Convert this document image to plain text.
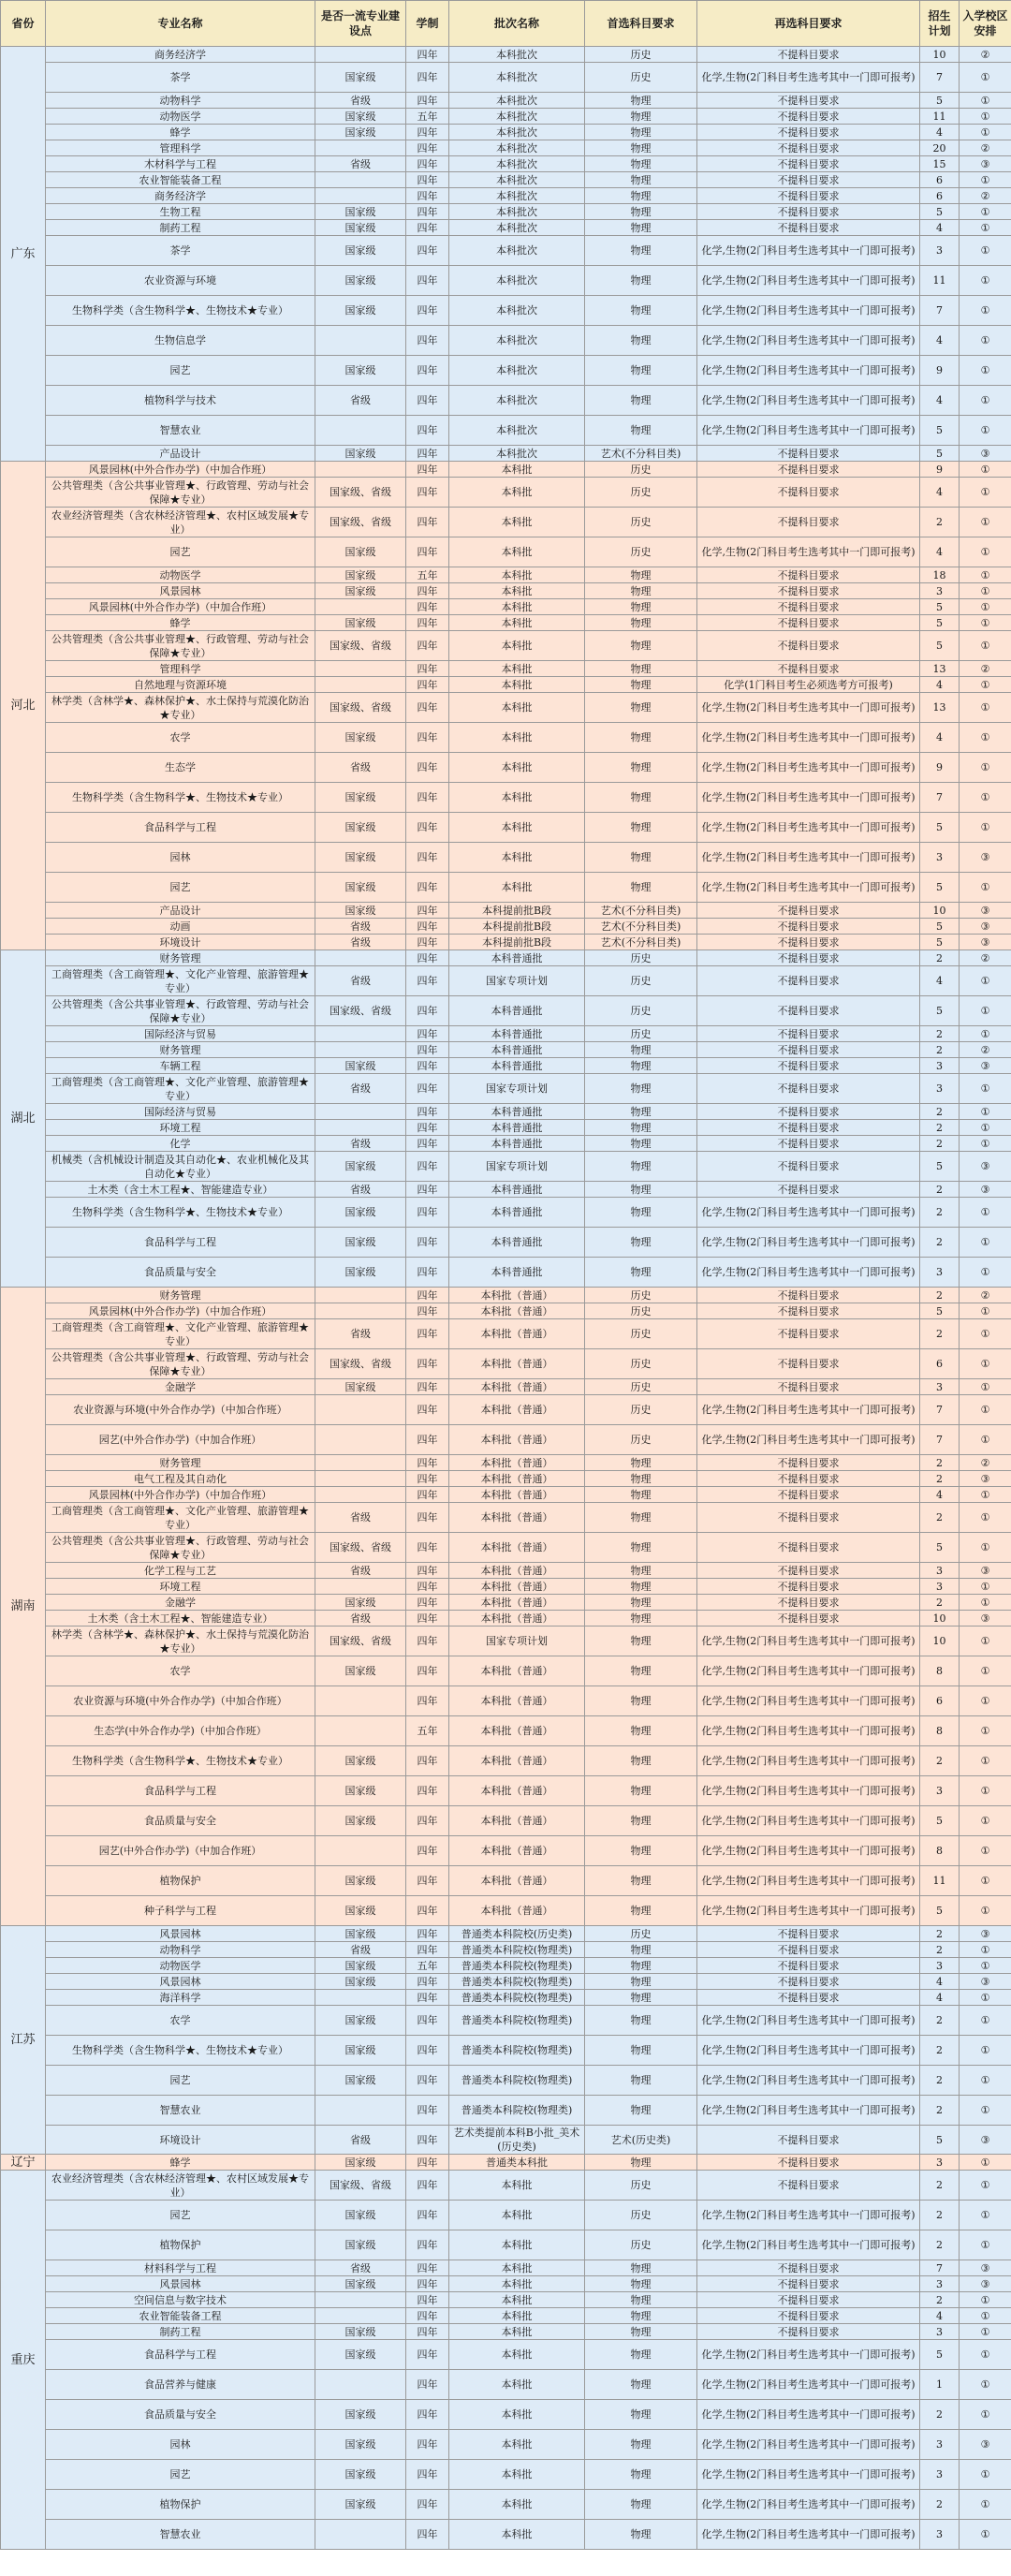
省份	专业名称	是否一流专业建设点	学制	批次名称	首选科目要求	再选科目要求	招生计划	入学校区安排
广东	商务经济学		四年	本科批次	历史	不提科目要求	10	②
	茶学	国家级	四年	本科批次	历史	化学,生物(2门科目考生选考其中一门即可报考)	7	①
	动物科学	省级	四年	本科批次	物理	不提科目要求	5	①
	动物医学	国家级	五年	本科批次	物理	不提科目要求	11	①
	蜂学	国家级	四年	本科批次	物理	不提科目要求	4	①
	管理科学		四年	本科批次	物理	不提科目要求	20	②
	木材科学与工程	省级	四年	本科批次	物理	不提科目要求	15	③
	农业智能装备工程		四年	本科批次	物理	不提科目要求	6	①
	商务经济学		四年	本科批次	物理	不提科目要求	6	②
	生物工程	国家级	四年	本科批次	物理	不提科目要求	5	①
	制药工程	国家级	四年	本科批次	物理	不提科目要求	4	①
	茶学	国家级	四年	本科批次	物理	化学,生物(2门科目考生选考其中一门即可报考)	3	①
	农业资源与环境	国家级	四年	本科批次	物理	化学,生物(2门科目考生选考其中一门即可报考)	11	①
	生物科学类（含生物科学★、生物技术★专业）	国家级	四年	本科批次	物理	化学,生物(2门科目考生选考其中一门即可报考)	7	①
	生物信息学		四年	本科批次	物理	化学,生物(2门科目考生选考其中一门即可报考)	4	①
	园艺	国家级	四年	本科批次	物理	化学,生物(2门科目考生选考其中一门即可报考)	9	①
	植物科学与技术	省级	四年	本科批次	物理	化学,生物(2门科目考生选考其中一门即可报考)	4	①
	智慧农业		四年	本科批次	物理	化学,生物(2门科目考生选考其中一门即可报考)	5	①
	产品设计	国家级	四年	本科批次	艺术(不分科目类)	不提科目要求	5	③
河北	风景园林(中外合作办学)（中加合作班）		四年	本科批	历史	不提科目要求	9	①
	公共管理类（含公共事业管理★、行政管理、劳动与社会保障★专业）	国家级、省级	四年	本科批	历史	不提科目要求	4	①
	农业经济管理类（含农林经济管理★、农村区域发展★专业）	国家级、省级	四年	本科批	历史	不提科目要求	2	①
	园艺	国家级	四年	本科批	历史	化学,生物(2门科目考生选考其中一门即可报考)	4	①
	动物医学	国家级	五年	本科批	物理	不提科目要求	18	①
	风景园林	国家级	四年	本科批	物理	不提科目要求	3	①
	风景园林(中外合作办学)（中加合作班）		四年	本科批	物理	不提科目要求	5	①
	蜂学	国家级	四年	本科批	物理	不提科目要求	5	①
	公共管理类（含公共事业管理★、行政管理、劳动与社会保障★专业）	国家级、省级	四年	本科批	物理	不提科目要求	5	①
	管理科学		四年	本科批	物理	不提科目要求	13	②
	自然地理与资源环境		四年	本科批	物理	化学(1门科目考生必须选考方可报考)	4	①
	林学类（含林学★、森林保护★、水土保持与荒漠化防治★专业）	国家级、省级	四年	本科批	物理	化学,生物(2门科目考生选考其中一门即可报考)	13	①
	农学	国家级	四年	本科批	物理	化学,生物(2门科目考生选考其中一门即可报考)	4	①
	生态学	省级	四年	本科批	物理	化学,生物(2门科目考生选考其中一门即可报考)	9	①
	生物科学类（含生物科学★、生物技术★专业）	国家级	四年	本科批	物理	化学,生物(2门科目考生选考其中一门即可报考)	7	①
	食品科学与工程	国家级	四年	本科批	物理	化学,生物(2门科目考生选考其中一门即可报考)	5	①
	园林	国家级	四年	本科批	物理	化学,生物(2门科目考生选考其中一门即可报考)	3	③
	园艺	国家级	四年	本科批	物理	化学,生物(2门科目考生选考其中一门即可报考)	5	①
	产品设计	国家级	四年	本科提前批B段	艺术(不分科目类)	不提科目要求	10	③
	动画	省级	四年	本科提前批B段	艺术(不分科目类)	不提科目要求	5	③
	环境设计	省级	四年	本科提前批B段	艺术(不分科目类)	不提科目要求	5	③
湖北	财务管理		四年	本科普通批	历史	不提科目要求	2	②
	工商管理类（含工商管理★、文化产业管理、旅游管理★专业）	省级	四年	国家专项计划	历史	不提科目要求	4	①
	公共管理类（含公共事业管理★、行政管理、劳动与社会保障★专业）	国家级、省级	四年	本科普通批	历史	不提科目要求	5	①
	国际经济与贸易		四年	本科普通批	历史	不提科目要求	2	①
	财务管理		四年	本科普通批	物理	不提科目要求	2	②
	车辆工程	国家级	四年	本科普通批	物理	不提科目要求	3	③
	工商管理类（含工商管理★、文化产业管理、旅游管理★专业）	省级	四年	国家专项计划	物理	不提科目要求	3	①
	国际经济与贸易		四年	本科普通批	物理	不提科目要求	2	①
	环境工程		四年	本科普通批	物理	不提科目要求	2	①
	化学	省级	四年	本科普通批	物理	不提科目要求	2	①
	机械类（含机械设计制造及其自动化★、农业机械化及其自动化★专业）	国家级	四年	国家专项计划	物理	不提科目要求	5	③
	土木类（含土木工程★、智能建造专业）	省级	四年	本科普通批	物理	不提科目要求	2	③
	生物科学类（含生物科学★、生物技术★专业）	国家级	四年	本科普通批	物理	化学,生物(2门科目考生选考其中一门即可报考)	2	①
	食品科学与工程	国家级	四年	本科普通批	物理	化学,生物(2门科目考生选考其中一门即可报考)	2	①
	食品质量与安全	国家级	四年	本科普通批	物理	化学,生物(2门科目考生选考其中一门即可报考)	3	①
湖南	财务管理		四年	本科批（普通）	历史	不提科目要求	2	②
	风景园林(中外合作办学)（中加合作班）		四年	本科批（普通）	历史	不提科目要求	5	①
	工商管理类（含工商管理★、文化产业管理、旅游管理★专业）	省级	四年	本科批（普通）	历史	不提科目要求	2	①
	公共管理类（含公共事业管理★、行政管理、劳动与社会保障★专业）	国家级、省级	四年	本科批（普通）	历史	不提科目要求	6	①
	金融学	国家级	四年	本科批（普通）	历史	不提科目要求	3	①
	农业资源与环境(中外合作办学)（中加合作班）		四年	本科批（普通）	历史	化学,生物(2门科目考生选考其中一门即可报考)	7	①
	园艺(中外合作办学)（中加合作班）		四年	本科批（普通）	历史	化学,生物(2门科目考生选考其中一门即可报考)	7	①
	财务管理		四年	本科批（普通）	物理	不提科目要求	2	②
	电气工程及其自动化		四年	本科批（普通）	物理	不提科目要求	2	③
	风景园林(中外合作办学)（中加合作班）		四年	本科批（普通）	物理	不提科目要求	4	①
	工商管理类（含工商管理★、文化产业管理、旅游管理★专业）	省级	四年	本科批（普通）	物理	不提科目要求	2	①
	公共管理类（含公共事业管理★、行政管理、劳动与社会保障★专业）	国家级、省级	四年	本科批（普通）	物理	不提科目要求	5	①
	化学工程与工艺	省级	四年	本科批（普通）	物理	不提科目要求	3	③
	环境工程		四年	本科批（普通）	物理	不提科目要求	3	①
	金融学	国家级	四年	本科批（普通）	物理	不提科目要求	2	①
	土木类（含土木工程★、智能建造专业）	省级	四年	本科批（普通）	物理	不提科目要求	10	③
	林学类（含林学★、森林保护★、水土保持与荒漠化防治★专业）	国家级、省级	四年	国家专项计划	物理	化学,生物(2门科目考生选考其中一门即可报考)	10	①
	农学	国家级	四年	本科批（普通）	物理	化学,生物(2门科目考生选考其中一门即可报考)	8	①
	农业资源与环境(中外合作办学)（中加合作班）		四年	本科批（普通）	物理	化学,生物(2门科目考生选考其中一门即可报考)	6	①
	生态学(中外合作办学)（中加合作班）		五年	本科批（普通）	物理	化学,生物(2门科目考生选考其中一门即可报考)	8	①
	生物科学类（含生物科学★、生物技术★专业）	国家级	四年	本科批（普通）	物理	化学,生物(2门科目考生选考其中一门即可报考)	2	①
	食品科学与工程	国家级	四年	本科批（普通）	物理	化学,生物(2门科目考生选考其中一门即可报考)	3	①
	食品质量与安全	国家级	四年	本科批（普通）	物理	化学,生物(2门科目考生选考其中一门即可报考)	5	①
	园艺(中外合作办学)（中加合作班）		四年	本科批（普通）	物理	化学,生物(2门科目考生选考其中一门即可报考)	8	①
	植物保护	国家级	四年	本科批（普通）	物理	化学,生物(2门科目考生选考其中一门即可报考)	11	①
	种子科学与工程	国家级	四年	本科批（普通）	物理	化学,生物(2门科目考生选考其中一门即可报考)	5	①
江苏	风景园林	国家级	四年	普通类本科院校(历史类)	历史	不提科目要求	2	③
	动物科学	省级	四年	普通类本科院校(物理类)	物理	不提科目要求	2	①
	动物医学	国家级	五年	普通类本科院校(物理类)	物理	不提科目要求	3	①
	风景园林	国家级	四年	普通类本科院校(物理类)	物理	不提科目要求	4	③
	海洋科学		四年	普通类本科院校(物理类)	物理	不提科目要求	4	①
	农学	国家级	四年	普通类本科院校(物理类)	物理	化学,生物(2门科目考生选考其中一门即可报考)	2	①
	生物科学类（含生物科学★、生物技术★专业）	国家级	四年	普通类本科院校(物理类)	物理	化学,生物(2门科目考生选考其中一门即可报考)	2	①
	园艺	国家级	四年	普通类本科院校(物理类)	物理	化学,生物(2门科目考生选考其中一门即可报考)	2	①
	智慧农业		四年	普通类本科院校(物理类)	物理	化学,生物(2门科目考生选考其中一门即可报考)	2	①
	环境设计	省级	四年	艺术类提前本科B小批_美术(历史类)	艺术(历史类)	不提科目要求	5	③
辽宁	蜂学	国家级	四年	普通类本科批	物理	不提科目要求	3	①
重庆	农业经济管理类（含农林经济管理★、农村区域发展★专业）	国家级、省级	四年	本科批	历史	不提科目要求	2	①
	园艺	国家级	四年	本科批	历史	化学,生物(2门科目考生选考其中一门即可报考)	2	①
	植物保护	国家级	四年	本科批	历史	化学,生物(2门科目考生选考其中一门即可报考)	2	①
	材料科学与工程	省级	四年	本科批	物理	不提科目要求	7	③
	风景园林	国家级	四年	本科批	物理	不提科目要求	3	③
	空间信息与数字技术		四年	本科批	物理	不提科目要求	2	①
	农业智能装备工程		四年	本科批	物理	不提科目要求	4	①
	制药工程	国家级	四年	本科批	物理	不提科目要求	3	①
	食品科学与工程	国家级	四年	本科批	物理	化学,生物(2门科目考生选考其中一门即可报考)	5	①
	食品营养与健康		四年	本科批	物理	化学,生物(2门科目考生选考其中一门即可报考)	1	①
	食品质量与安全	国家级	四年	本科批	物理	化学,生物(2门科目考生选考其中一门即可报考)	2	①
	园林	国家级	四年	本科批	物理	化学,生物(2门科目考生选考其中一门即可报考)	3	③
	园艺	国家级	四年	本科批	物理	化学,生物(2门科目考生选考其中一门即可报考)	3	①
	植物保护	国家级	四年	本科批	物理	化学,生物(2门科目考生选考其中一门即可报考)	2	①
	智慧农业		四年	本科批	物理	化学,生物(2门科目考生选考其中一门即可报考)	3	①
